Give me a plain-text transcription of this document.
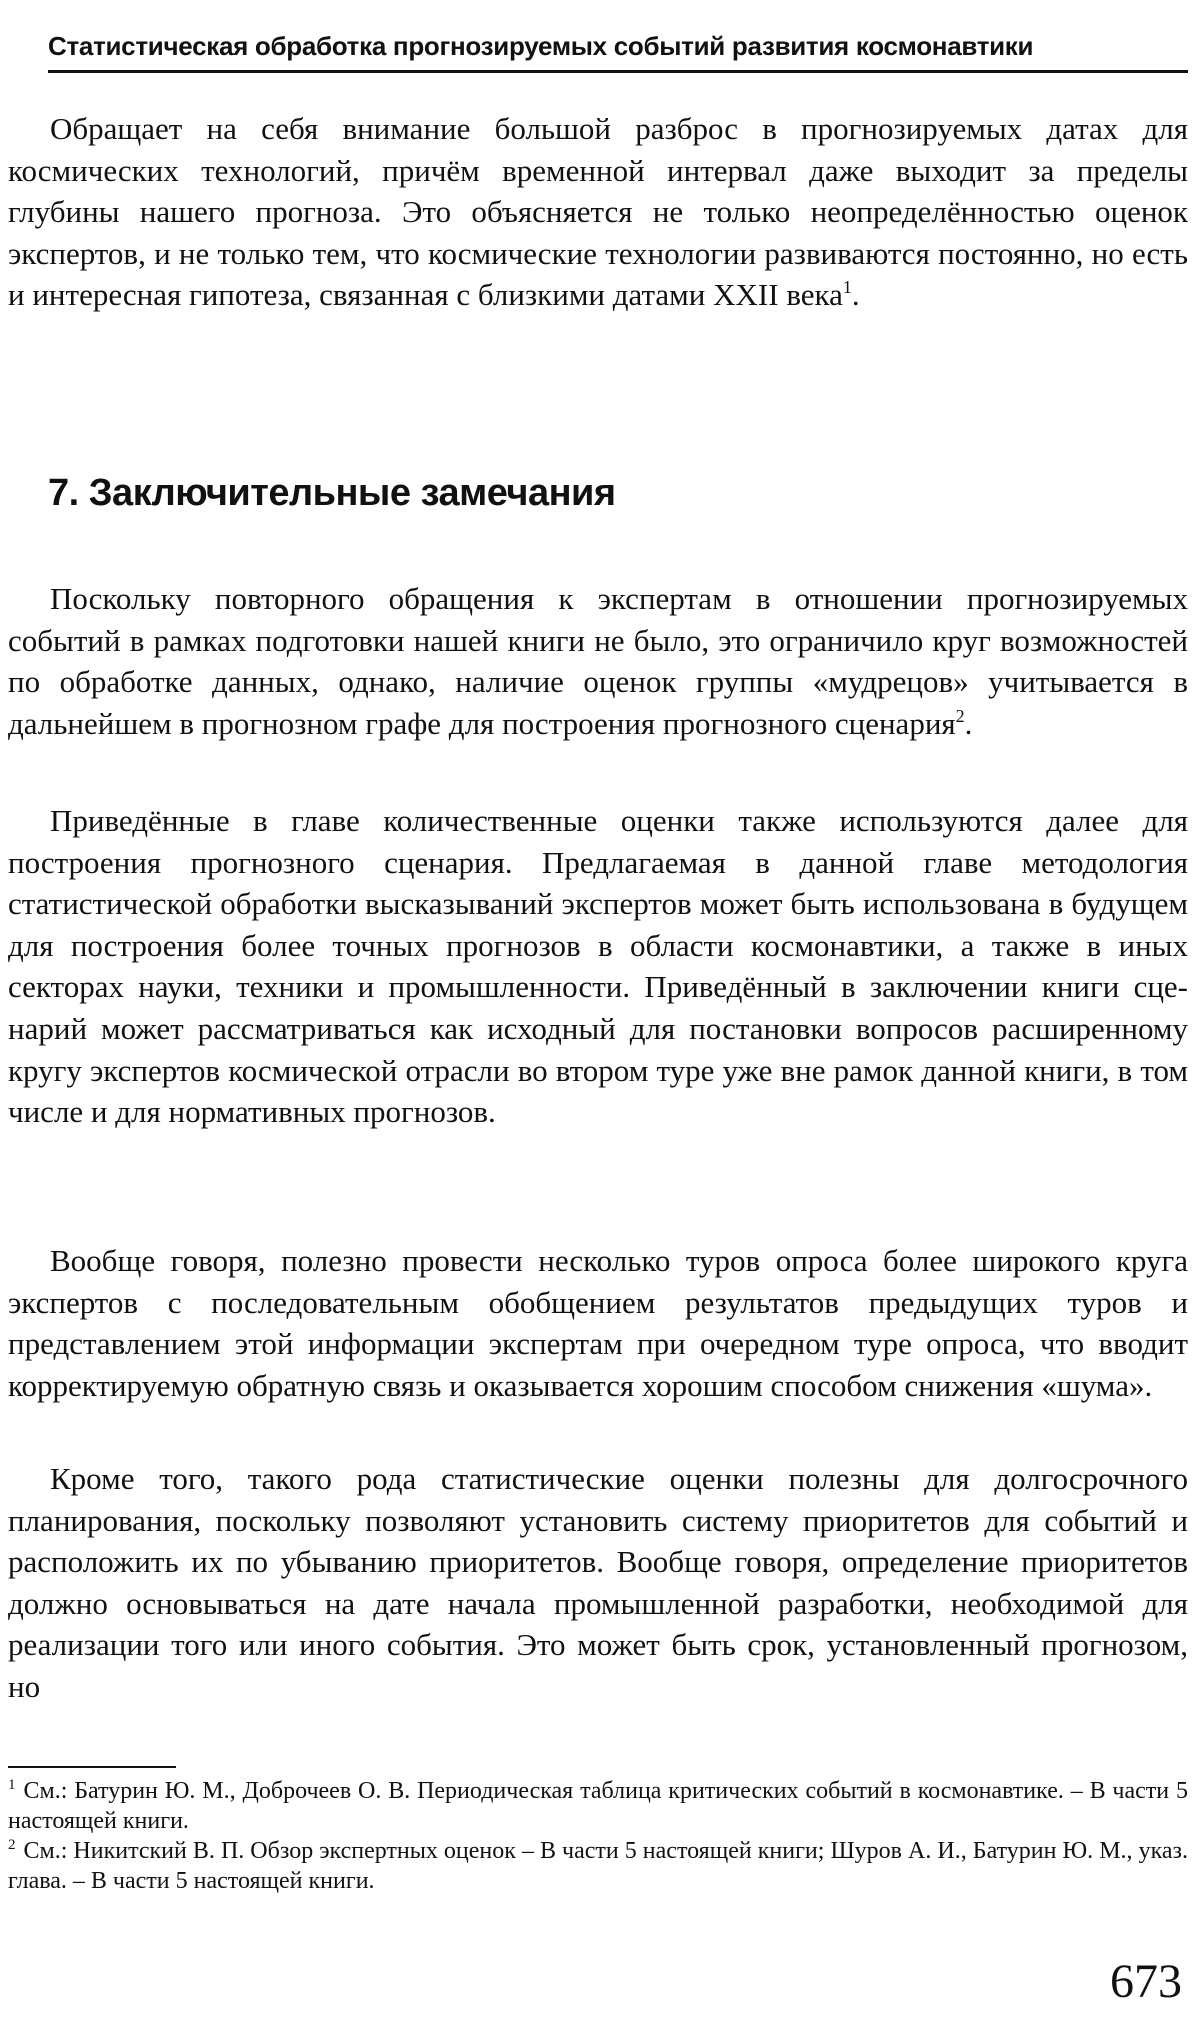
Статистическая обработка прогнозируемых событий развития космонавтики

Обращает на себя внимание большой разброс в прогнозируемых датах для космических технологий, причём временной интервал даже выходит за пределы глубины нашего прогноза. Это объясняется не только неопределённостью оценок экспертов, и не только тем, что космические технологии развиваются постоянно, но есть и интересная гипотеза, связанная с близкими датами XXII века$^1$.

7. Заключительные замечания

Поскольку повторного обращения к экспертам в отношении прогнозируемых событий в рамках подготовки нашей книги не было, это ограничило круг возможностей по обработке данных, однако, наличие оценок группы «мудрецов» учитывается в дальнейшем в прогнозном графе для построения прогнозного сценария$^2$.

Приведённые в главе количественные оценки также используются далее для построения прогнозного сценария. Предлагаемая в данной главе методология статистической обработки высказываний экспертов может быть использована в будущем для построения более точных прогнозов в области космонавтики, а также в иных секторах науки, техники и промышленности. Приведённый в заключении книги сценарий может рассматриваться как исходный для постановки вопросов расширенному кругу экспертов космической отрасли во втором туре уже вне рамок данной книги, в том числе и для нормативных прогнозов.

Вообще говоря, полезно провести несколько туров опроса более широкого круга экспертов с последовательным обобщением результатов предыдущих туров и представлением этой информации экспертам при очередном туре опроса, что вводит корректируемую обратную связь и оказывается хорошим способом снижения «шума».

Кроме того, такого рода статистические оценки полезны для долгосрочного планирования, поскольку позволяют установить систему приоритетов для событий и расположить их по убыванию приоритетов. Вообще говоря, определение приоритетов должно основываться на дате начала промышленной разработки, необходимой для реализации того или иного события. Это может быть срок, установленный прогнозом, но

$^1$ См.: Батурин Ю. М., Доброчеев О. В. Периодическая таблица критических событий в космонавтике. – В части 5 настоящей книги.

$^2$ См.: Никитский В. П. Обзор экспертных оценок – В части 5 настоящей книги; Шуров А. И., Батурин Ю. М., указ. глава. – В части 5 настоящей книги.

673
